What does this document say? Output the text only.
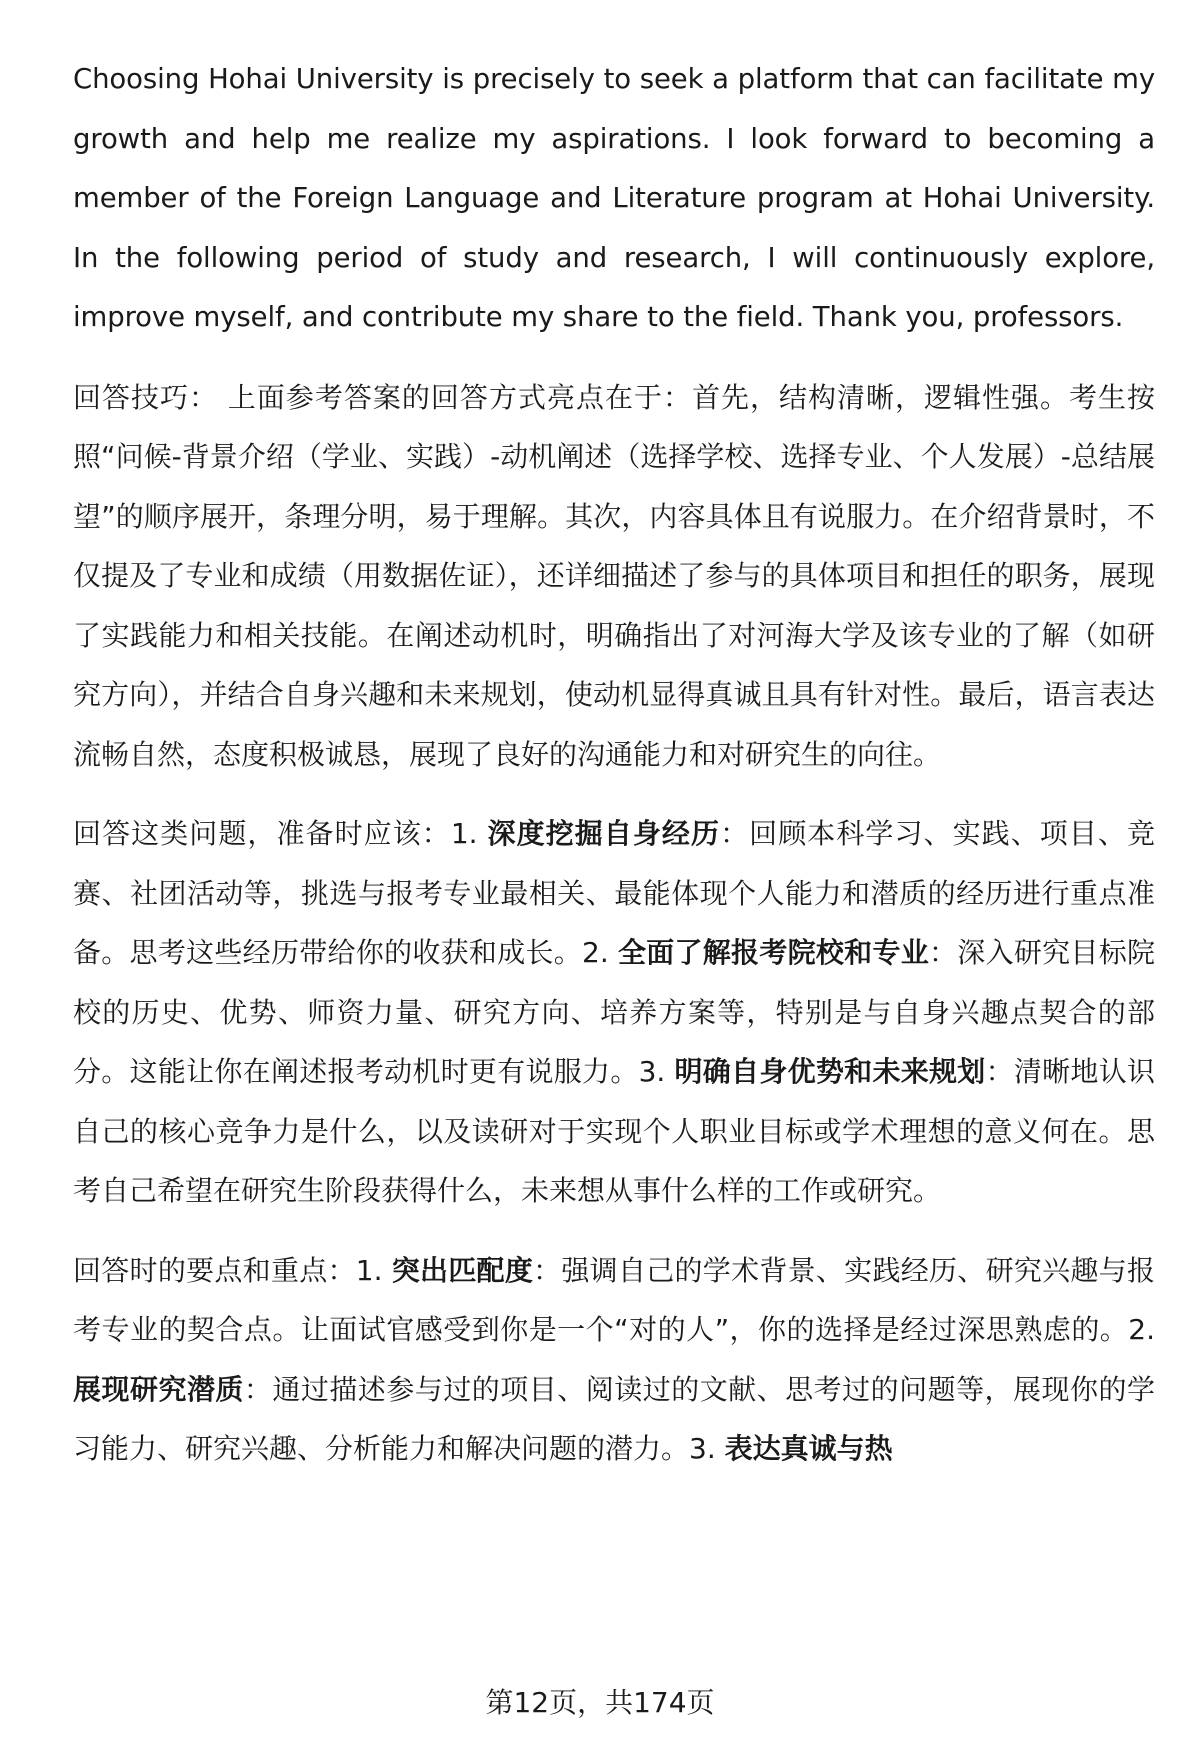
Choosing Hohai University is precisely to seek a platform that can facilitate my growth and help me realize my aspirations. I look forward to becoming a member of the Foreign Language and Literature program at Hohai University. In the following period of study and research, I will continuously explore, improve myself, and contribute my share to the field. Thank you, professors.

回答技巧： 上面参考答案的回答方式亮点在于：首先，结构清晰，逻辑性强。考生按照“问候-背景介绍（学业、实践）-动机阐述（选择学校、选择专业、个人发展）-总结展望”的顺序展开，条理分明，易于理解。其次，内容具体且有说服力。在介绍背景时，不仅提及了专业和成绩（用数据佐证），还详细描述了参与的具体项目和担任的职务，展现了实践能力和相关技能。在阐述动机时，明确指出了对河海大学及该专业的了解（如研究方向），并结合自身兴趣和未来规划，使动机显得真诚且具有针对性。最后，语言表达流畅自然，态度积极诚恳，展现了良好的沟通能力和对研究生的向往。

回答这类问题，准备时应该：1. 深度挖掘自身经历：回顾本科学习、实践、项目、竞赛、社团活动等，挑选与报考专业最相关、最能体现个人能力和潜质的经历进行重点准备。思考这些经历带给你的收获和成长。2. 全面了解报考院校和专业：深入研究目标院校的历史、优势、师资力量、研究方向、培养方案等，特别是与自身兴趣点契合的部分。这能让你在阐述报考动机时更有说服力。3. 明确自身优势和未来规划：清晰地认识自己的核心竞争力是什么，以及读研对于实现个人职业目标或学术理想的意义何在。思考自己希望在研究生阶段获得什么，未来想从事什么样的工作或研究。

回答时的要点和重点：1. 突出匹配度：强调自己的学术背景、实践经历、研究兴趣与报考专业的契合点。让面试官感受到你是一个“对的人”，你的选择是经过深思熟虑的。2. 展现研究潜质：通过描述参与过的项目、阅读过的文献、思考过的问题等，展现你的学习能力、研究兴趣、分析能力和解决问题的潜力。3. 表达真诚与热

第12页，共174页
